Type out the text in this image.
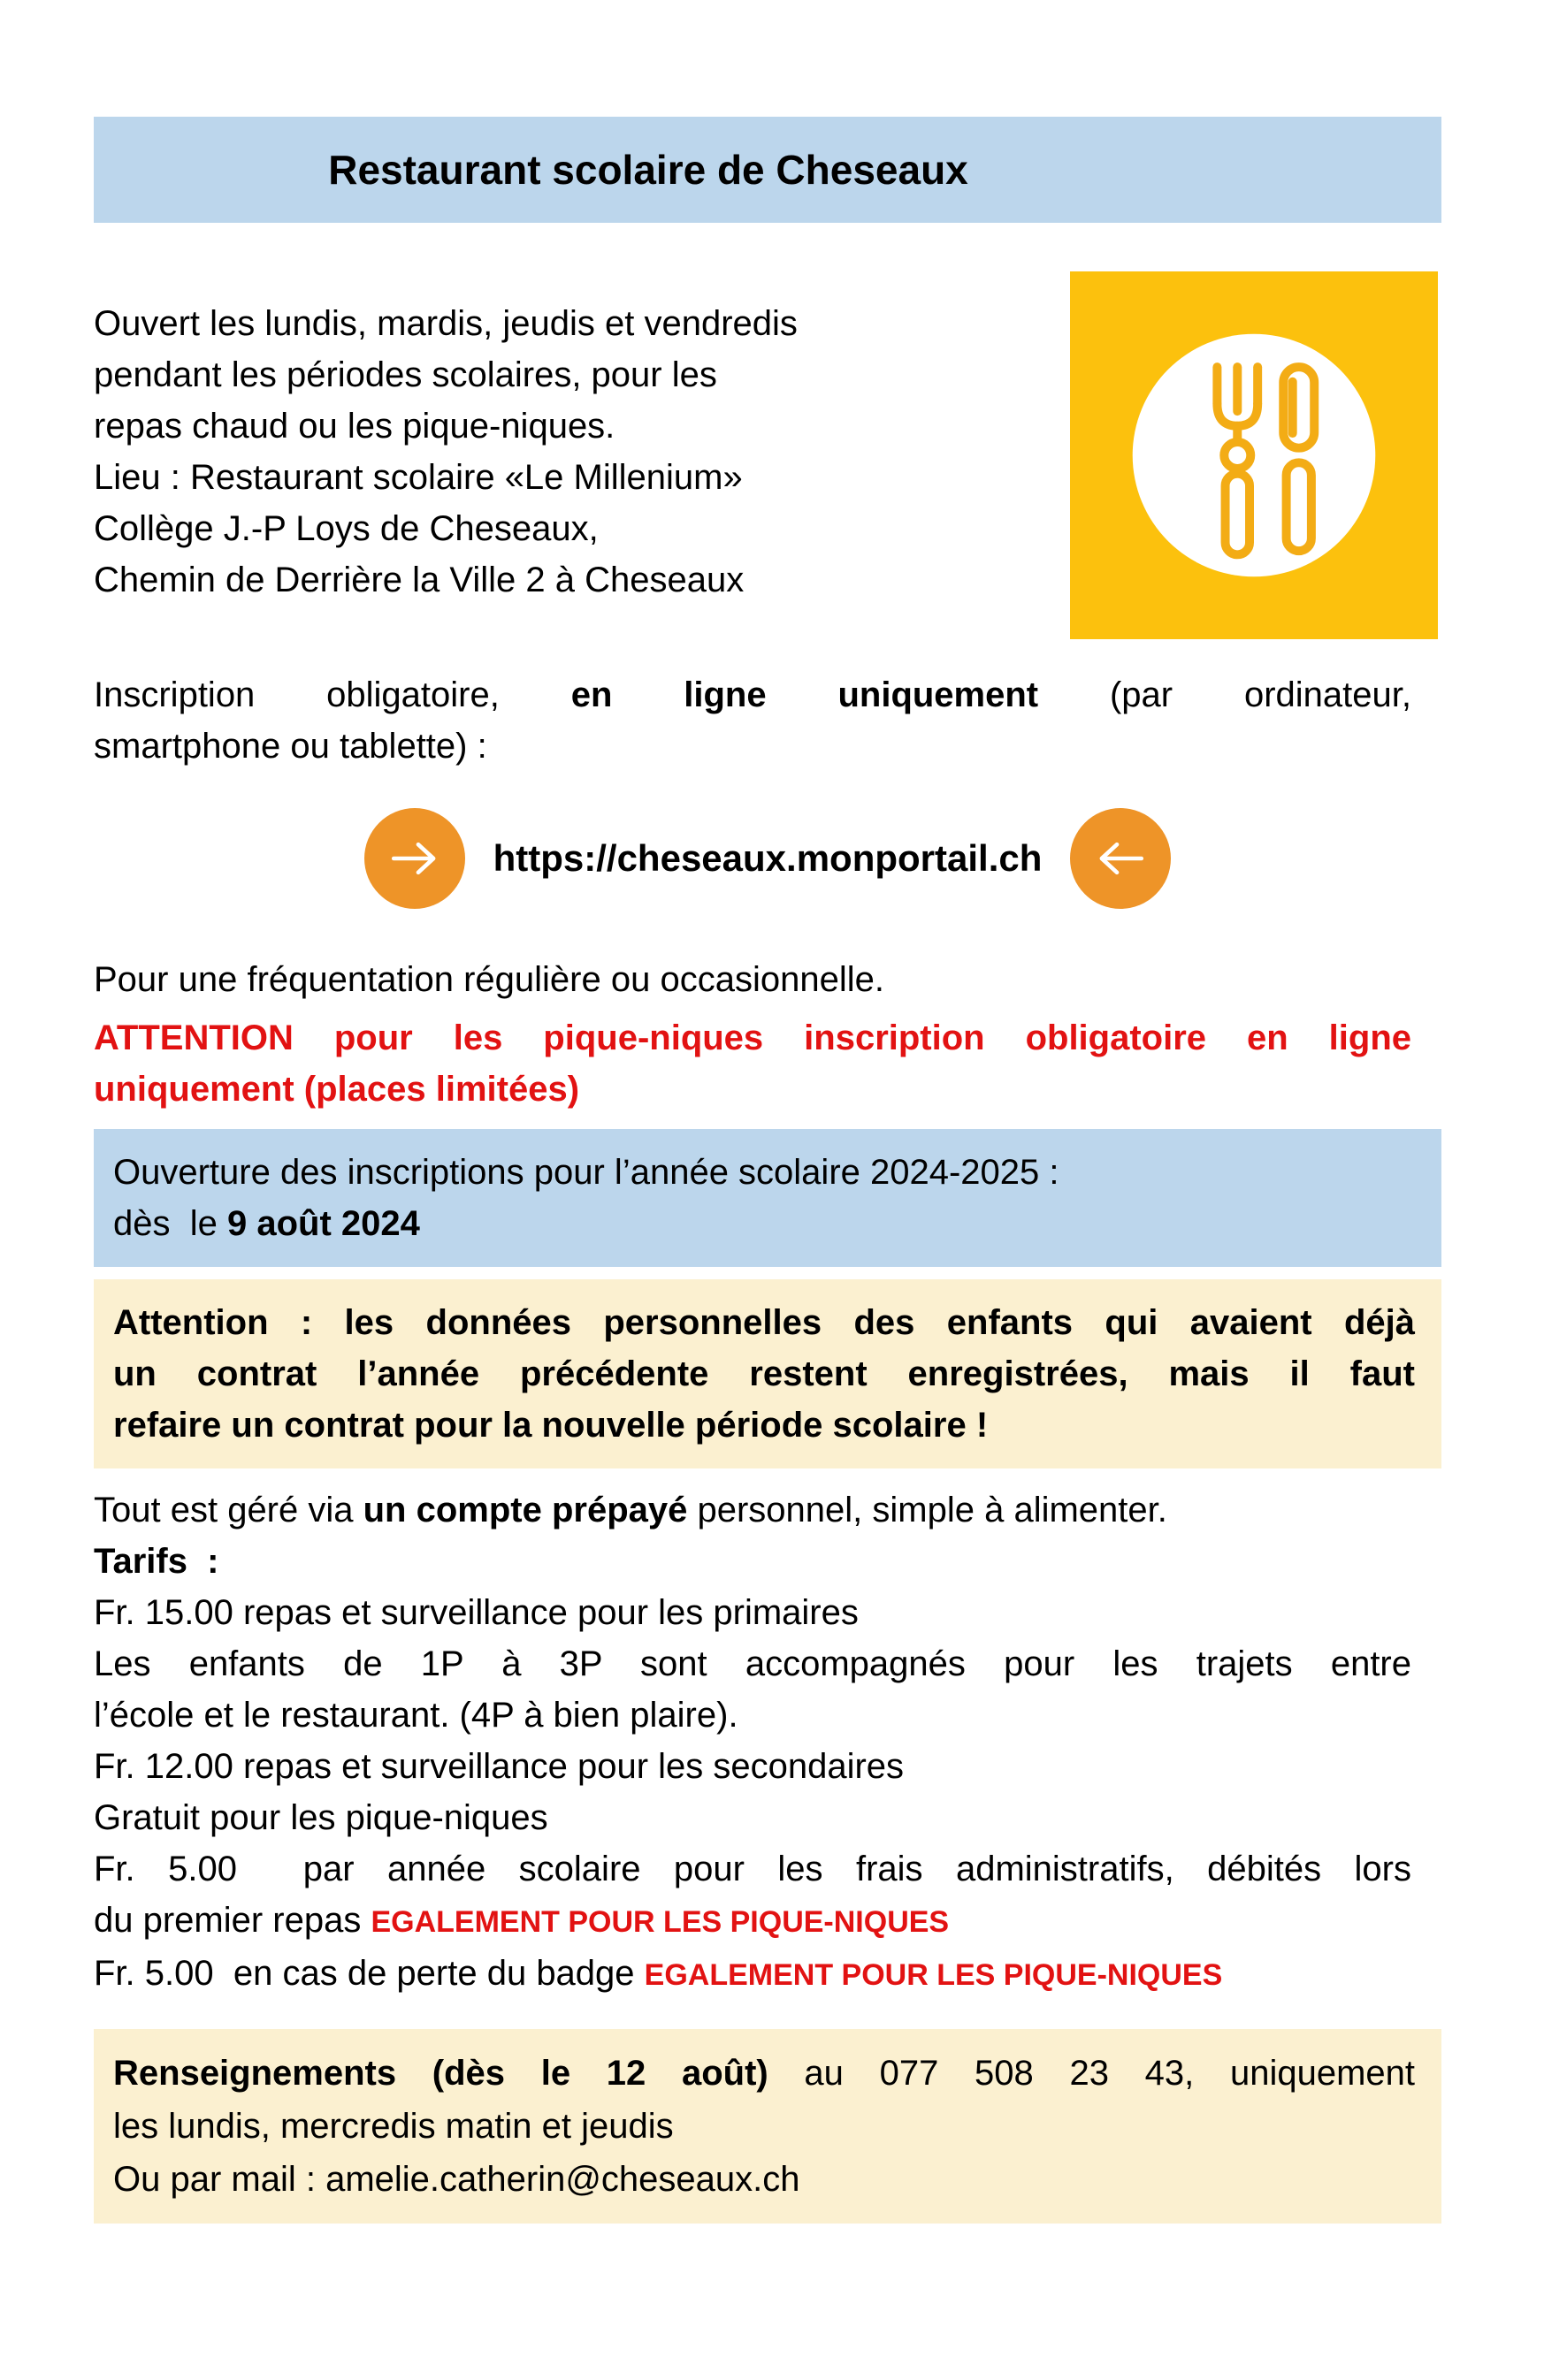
Restaurant scolaire de Cheseaux
Ouvert les lundis, mardis, jeudis et vendredis
pendant les périodes scolaires, pour les
repas chaud ou les pique-niques.
Lieu : Restaurant scolaire «Le Millenium»
Collège J.-P Loys de Cheseaux,
Chemin de Derrière la Ville 2 à Cheseaux
Inscription obligatoire, en ligne uniquement (par ordinateur,
smartphone ou tablette) :
https://cheseaux.monportail.ch
Pour une fréquentation régulière ou occasionnelle.
ATTENTION pour les pique-niques inscription obligatoire en ligne
uniquement (places limitées)
Ouverture des inscriptions pour l’année scolaire 2024-2025 :
dès  le 9 août 2024
Attention : les données personnelles des enfants qui avaient déjà
un contrat l’année précédente restent enregistrées, mais il faut
refaire un contrat pour la nouvelle période scolaire !
Tout est géré via un compte prépayé personnel, simple à alimenter.
Tarifs  :
Fr. 15.00 repas et surveillance pour les primaires
Les enfants de 1P à 3P sont accompagnés pour les trajets entre
l’école et le restaurant. (4P à bien plaire).
Fr. 12.00 repas et surveillance pour les secondaires
Gratuit pour les pique-niques
Fr. 5.00  par année scolaire pour les frais administratifs, débités lors
du premier repas EGALEMENT POUR LES PIQUE-NIQUES
Fr. 5.00  en cas de perte du badge EGALEMENT POUR LES PIQUE-NIQUES
Renseignements (dès le 12 août) au 077 508 23 43, uniquement
les lundis, mercredis matin et jeudis
Ou par mail : amelie.catherin@cheseaux.ch
